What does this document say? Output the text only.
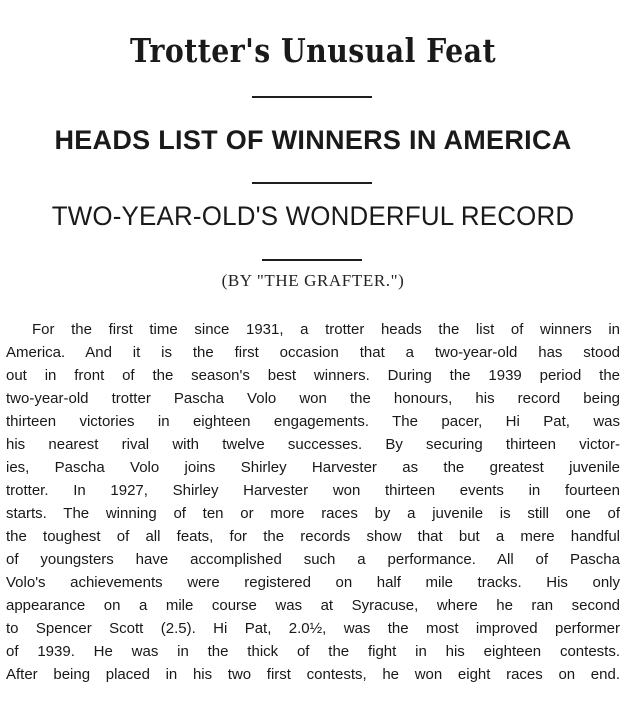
Trotter's Unusual Feat
HEADS LIST OF WINNERS IN AMERICA
TWO-YEAR-OLD'S WONDERFUL RECORD
(BY "THE GRAFTER.")
For the first time since 1931, a trotter heads the list of winners in
America. And it is the first occasion that a two-year-old has stood
out in front of the season's best winners. During the 1939 period the
two-year-old trotter Pascha Volo won the honours, his record being
thirteen victories in eighteen engagements. The pacer, Hi Pat, was
his nearest rival with twelve successes. By securing thirteen victor-
ies, Pascha Volo joins Shirley Harvester as the greatest juvenile
trotter. In 1927, Shirley Harvester won thirteen events in fourteen
starts. The winning of ten or more races by a juvenile is still one of
the toughest of all feats, for the records show that but a mere handful
of youngsters have accomplished such a performance. All of Pascha
Volo's achievements were registered on half mile tracks. His only
appearance on a mile course was at Syracuse, where he ran second
to Spencer Scott (2.5). Hi Pat, 2.0½, was the most improved performer
of 1939. He was in the thick of the fight in his eighteen contests.
After being placed in his two first contests, he won eight races on end.
